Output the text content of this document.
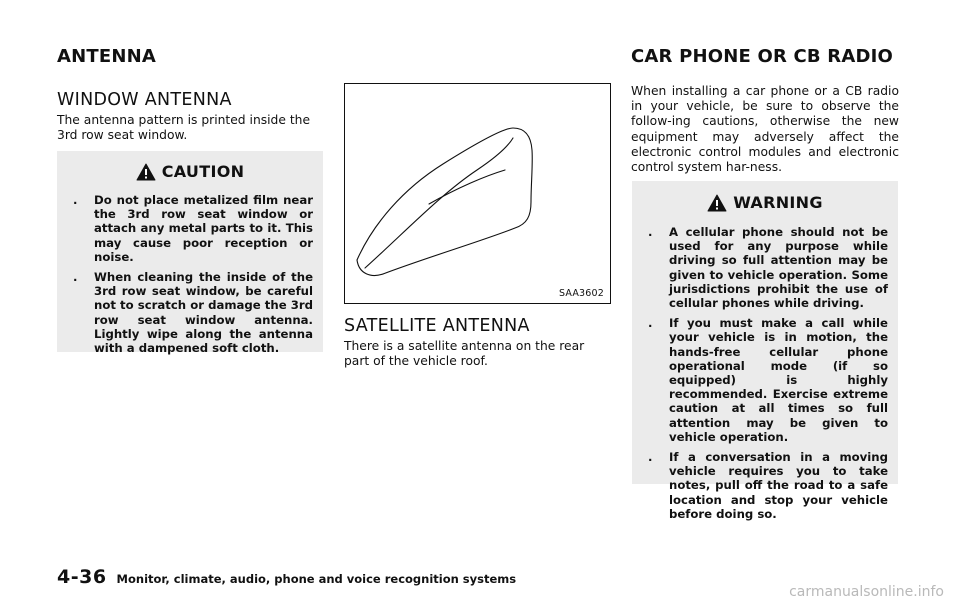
ANTENNA
WINDOW ANTENNA
The antenna pattern is printed inside the 3rd row seat window.
CAUTION
. Do not place metalized film near the 3rd row seat window or attach any metal parts to it. This may cause poor reception or noise.
. When cleaning the inside of the 3rd row seat window, be careful not to scratch or damage the 3rd row seat window antenna. Lightly wipe along the antenna with a dampened soft cloth.
SAA3602
SATELLITE ANTENNA
There is a satellite antenna on the rear part of the vehicle roof.
CAR PHONE OR CB RADIO
When installing a car phone or a CB radio in your vehicle, be sure to observe the follow-ing cautions, otherwise the new equipment may adversely affect the electronic control modules and electronic control system har-ness.
WARNING
. A cellular phone should not be used for any purpose while driving so full attention may be given to vehicle operation. Some jurisdictions prohibit the use of cellular phones while driving.
. If you must make a call while your vehicle is in motion, the hands-free cellular phone operational mode (if so equipped) is highly recommended. Exercise extreme caution at all times so full attention may be given to vehicle operation.
. If a conversation in a moving vehicle requires you to take notes, pull off the road to a safe location and stop your vehicle before doing so.
4-36 Monitor, climate, audio, phone and voice recognition systems
carmanualsonline.info
